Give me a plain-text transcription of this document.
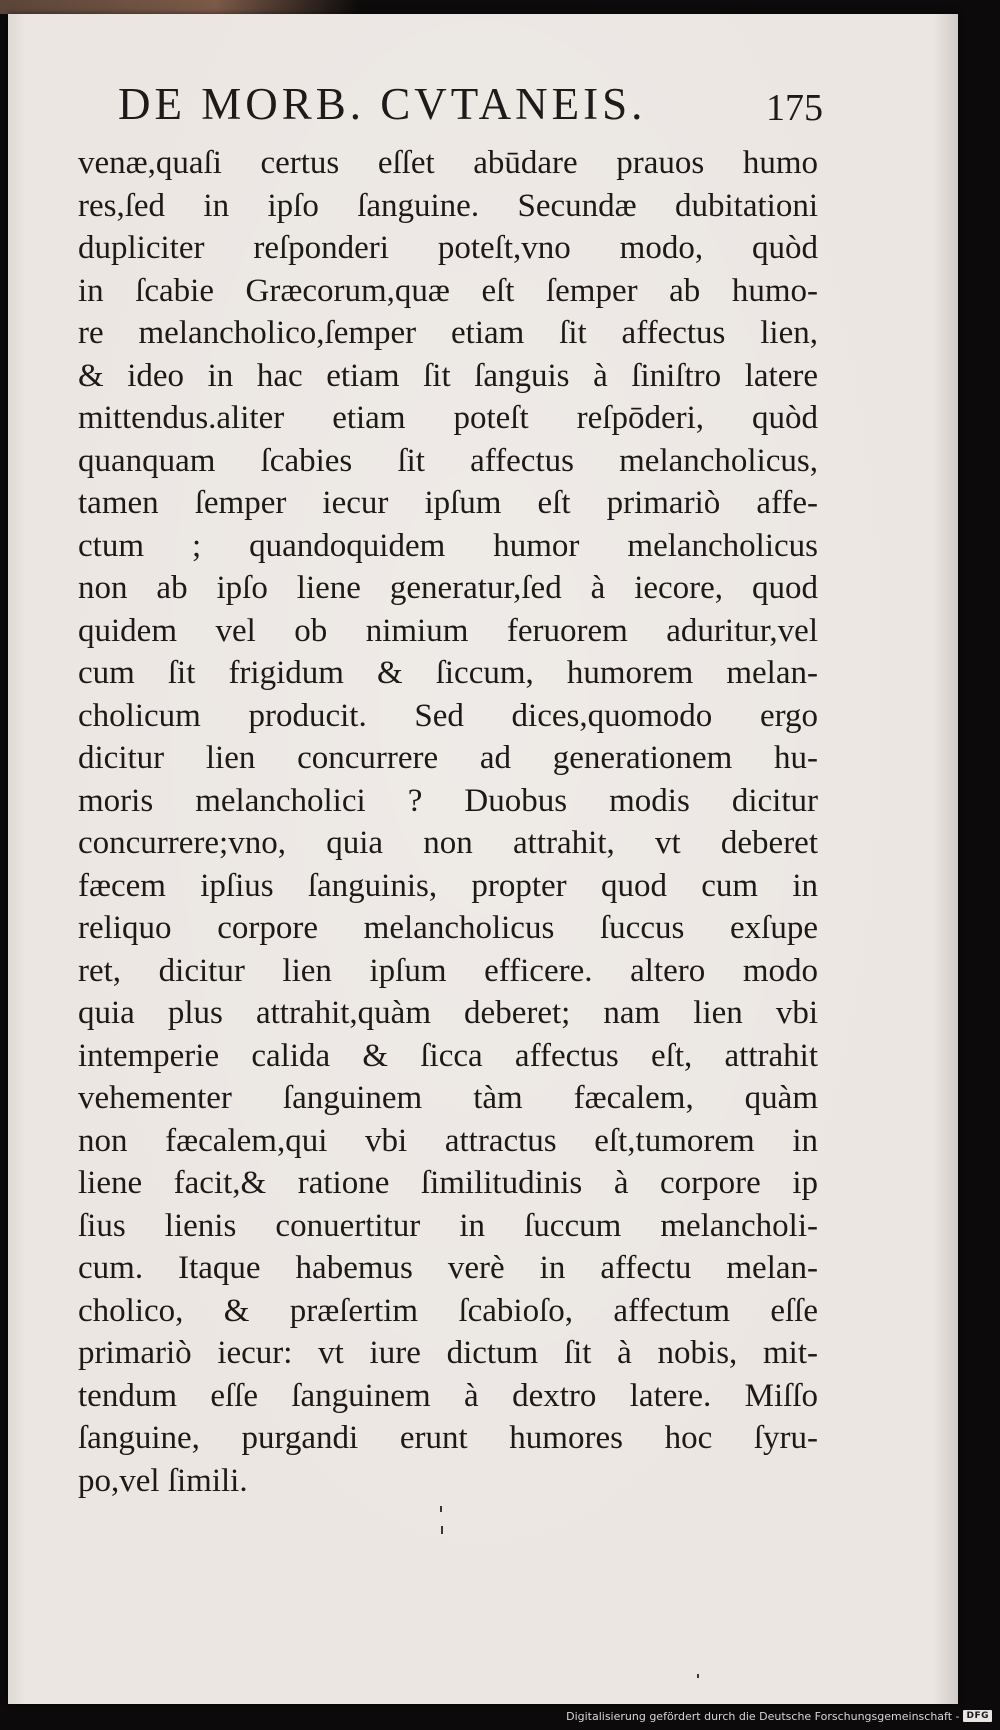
DE MORB. CVTANEIS.	175
venæ,quaſi certus eſſet abūdare prauos humo
res,ſed in ipſo ſanguine. Secundæ dubitationi
dupliciter reſponderi poteſt,vno modo, quòd
in ſcabie Græcorum,quæ eſt ſemper ab humo-
re melancholico,ſemper etiam ſit affectus lien,
& ideo in hac etiam ſit ſanguis à ſiniſtro latere
mittendus.aliter etiam poteſt reſpōderi, quòd
quanquam ſcabies ſit affectus melancholicus,
tamen ſemper iecur ipſum eſt primariò affe-
ctum ; quandoquidem humor melancholicus
non ab ipſo liene generatur,ſed à iecore, quod
quidem vel ob nimium feruorem aduritur,vel
cum ſit frigidum & ſiccum, humorem melan-
cholicum producit. Sed dices,quomodo ergo
dicitur lien concurrere ad generationem hu-
moris melancholici ? Duobus modis dicitur
concurrere;vno, quia non attrahit, vt deberet
fæcem ipſius ſanguinis, propter quod cum in
reliquo corpore melancholicus ſuccus exſupe
ret, dicitur lien ipſum efficere. altero modo
quia plus attrahit,quàm deberet; nam lien vbi
intemperie calida & ſicca affectus eſt, attrahit
vehementer ſanguinem tàm fæcalem, quàm
non fæcalem,qui vbi attractus eſt,tumorem in
liene facit,& ratione ſimilitudinis à corpore ip
ſius lienis conuertitur in ſuccum melancholi-
cum. Itaque habemus verè in affectu melan-
cholico, & præſertim ſcabioſo, affectum eſſe
primariò iecur: vt iure dictum ſit à nobis, mit-
tendum eſſe ſanguinem à dextro latere. Miſſo
ſanguine, purgandi erunt humores hoc ſyru-
po,vel ſimili.
Digitalisierung gefördert durch die Deutsche Forschungsgemeinschaft - DFG
